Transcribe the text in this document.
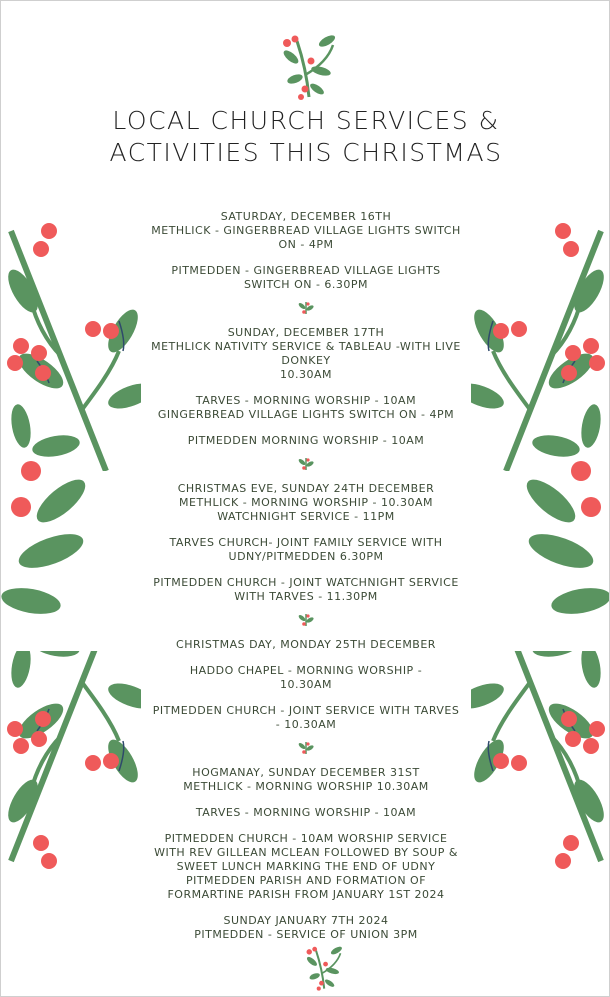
LOCAL CHURCH SERVICES &
ACTIVITIES THIS CHRISTMAS
SATURDAY, DECEMBER 16TH
METHLICK - GINGERBREAD VILLAGE LIGHTS SWITCH
ON - 4PM
PITMEDDEN - GINGERBREAD VILLAGE LIGHTS
SWITCH ON - 6.30PM
SUNDAY, DECEMBER 17TH
METHLICK NATIVITY SERVICE & TABLEAU -WITH LIVE
DONKEY
10.30AM
TARVES - MORNING WORSHIP - 10AM
GINGERBREAD VILLAGE LIGHTS SWITCH ON - 4PM
PITMEDDEN MORNING WORSHIP - 10AM
CHRISTMAS EVE, SUNDAY 24TH DECEMBER
METHLICK - MORNING WORSHIP - 10.30AM
WATCHNIGHT SERVICE - 11PM
TARVES CHURCH- JOINT FAMILY SERVICE WITH
UDNY/PITMEDDEN 6.30PM
PITMEDDEN CHURCH - JOINT WATCHNIGHT SERVICE
WITH TARVES - 11.30PM
CHRISTMAS DAY, MONDAY 25TH DECEMBER
HADDO CHAPEL - MORNING WORSHIP -
10.30AM
PITMEDDEN CHURCH - JOINT SERVICE WITH TARVES
- 10.30AM
HOGMANAY, SUNDAY DECEMBER 31ST
METHLICK - MORNING WORSHIP 10.30AM
TARVES - MORNING WORSHIP - 10AM
PITMEDDEN CHURCH - 10AM WORSHIP SERVICE
WITH REV GILLEAN MCLEAN FOLLOWED BY SOUP &
SWEET LUNCH MARKING THE END OF UDNY
PITMEDDEN PARISH AND FORMATION OF
FORMARTINE PARISH FROM JANUARY 1ST 2024
SUNDAY JANUARY 7TH 2024
PITMEDDEN - SERVICE OF UNION 3PM
